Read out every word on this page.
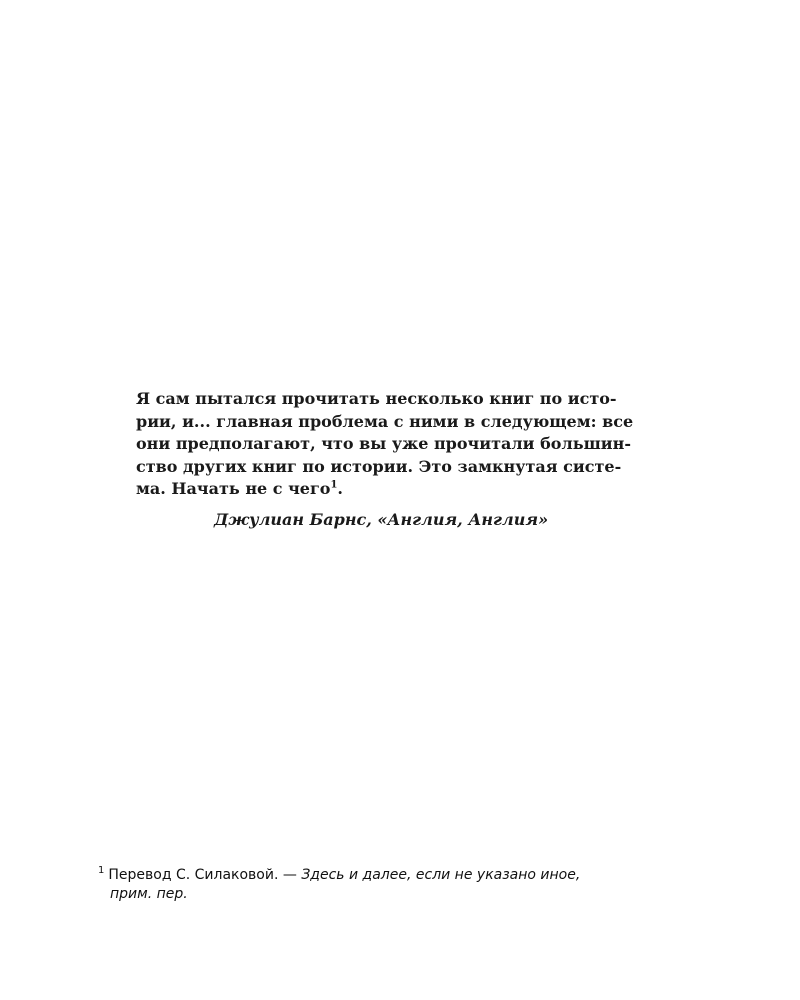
Я сам пытался прочитать несколько книг по исто-
рии, и... главная проблема с ними в следующем: все
они предполагают, что вы уже прочитали большин-
ство других книг по истории. Это замкнутая систе-
ма. Начать не с чего$^1$.

Джулиан Барнс, «Англия, Англия»
$^1$ Перевод С. Силаковой. — Здесь и далее, если не указано иное,
прим. пер.
